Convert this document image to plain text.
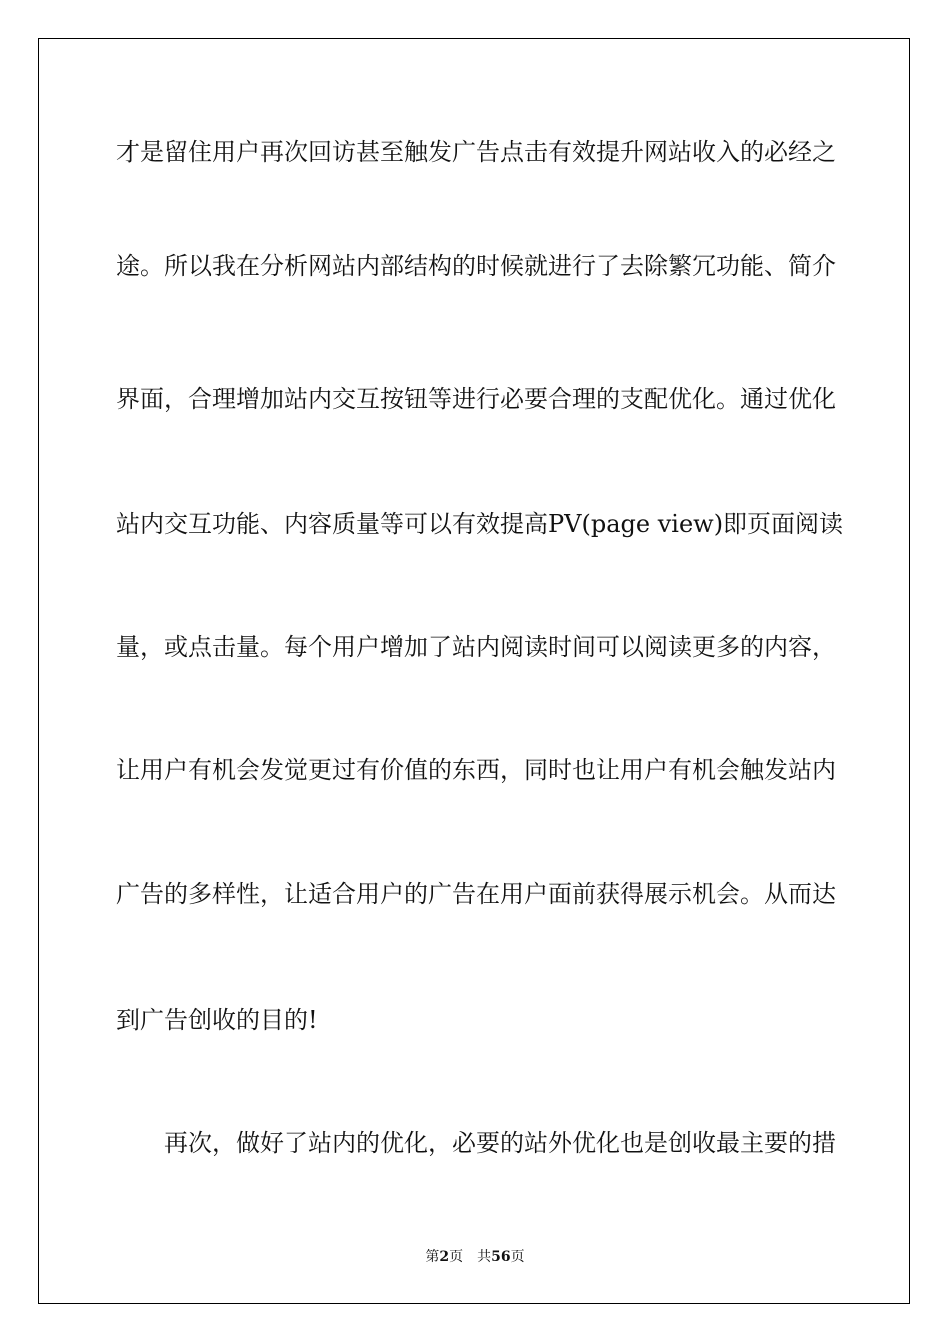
才是留住用户再次回访甚至触发广告点击有效提升网站收入的必经之
途。所以我在分析网站内部结构的时候就进行了去除繁冗功能、简介
界面，合理增加站内交互按钮等进行必要合理的支配优化。通过优化
站内交互功能、内容质量等可以有效提高PV(page view)即页面阅读
量，或点击量。每个用户增加了站内阅读时间可以阅读更多的内容，
让用户有机会发觉更过有价值的东西，同时也让用户有机会触发站内
广告的多样性，让适合用户的广告在用户面前获得展示机会。从而达
到广告创收的目的!
再次，做好了站内的优化，必要的站外优化也是创收最主要的措
第2页 共56页
